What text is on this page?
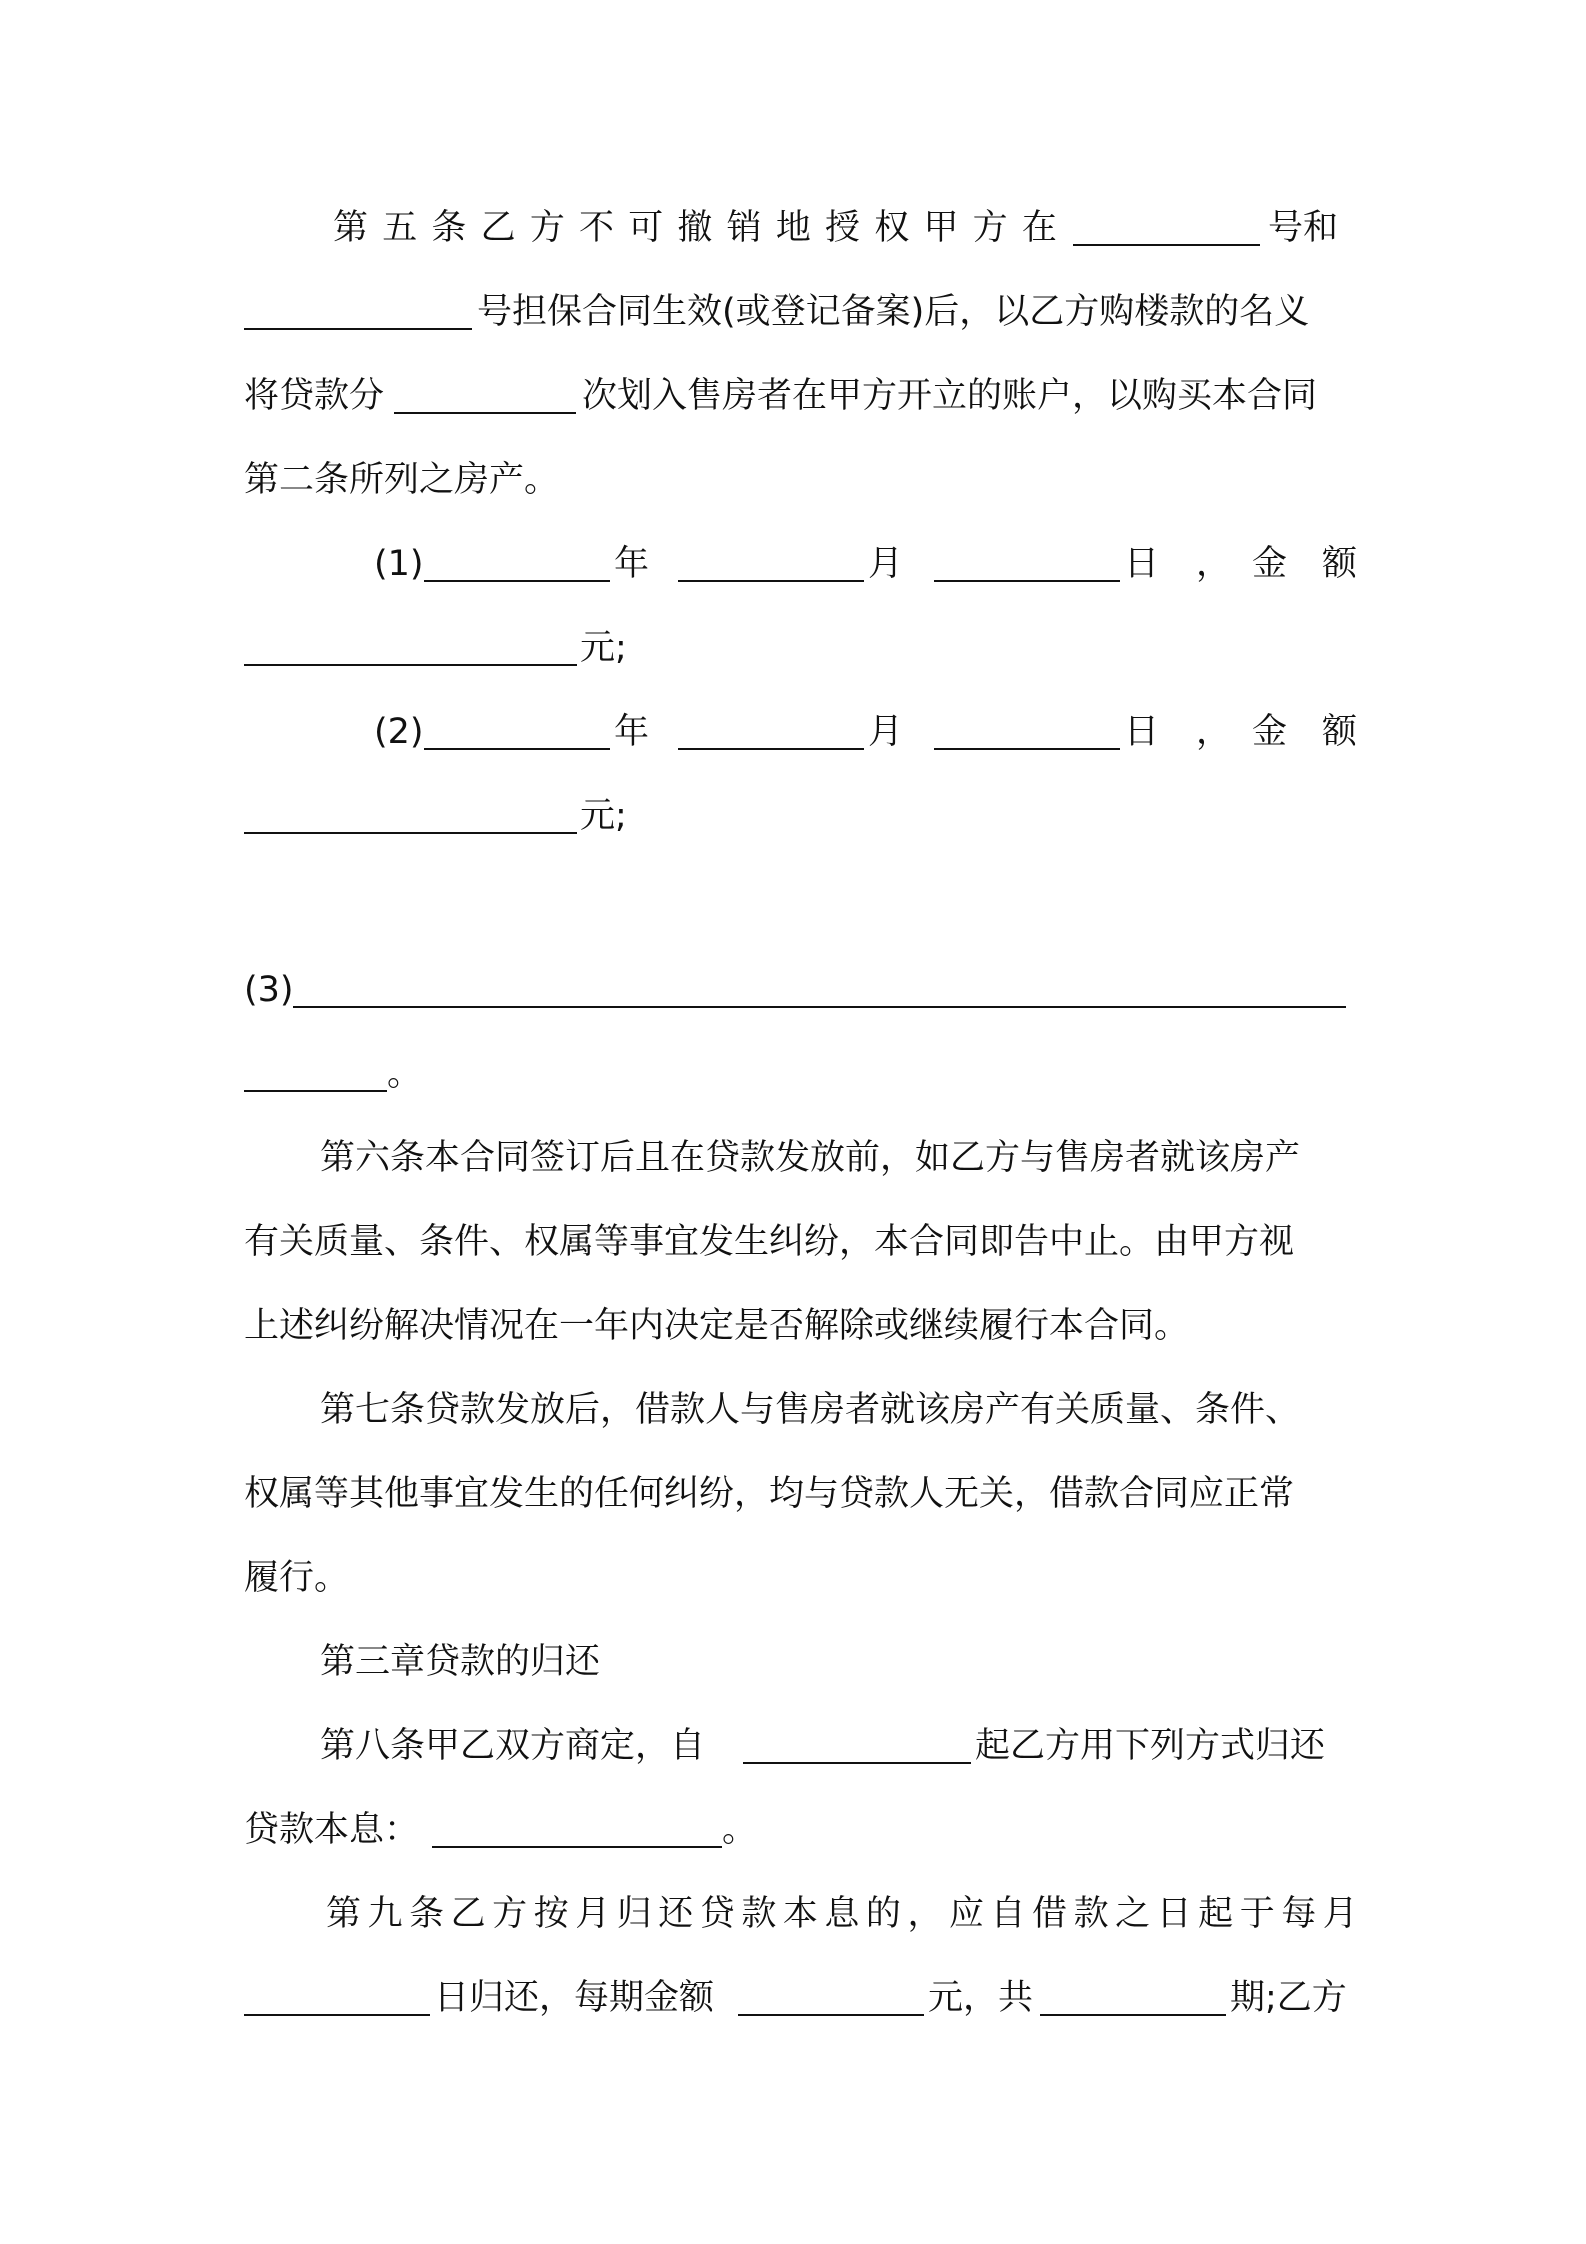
第 五 条 乙 方 不 可 撤 销 地 授 权 甲 方 在	号和
号担保合同生效(或登记备案)后，以乙方购楼款的名义
将贷款分	次划入售房者在甲方开立的账户，以购买本合同
第二条所列之房产。
(1)	年	月	日 ， 金 额
元;
(2)	年	月	日 ， 金 额
元;
(3)
。
第六条本合同签订后且在贷款发放前，如乙方与售房者就该房产
有关质量、条件、权属等事宜发生纠纷，本合同即告中止。由甲方视
上述纠纷解决情况在一年内决定是否解除或继续履行本合同。
第七条贷款发放后，借款人与售房者就该房产有关质量、条件、
权属等其他事宜发生的任何纠纷，均与贷款人无关，借款合同应正常
履行。
第三章贷款的归还
第八条甲乙双方商定，自	起乙方用下列方式归还
贷款本息：	。
第 九 条 乙 方 按 月 归 还 贷 款 本 息 的 ， 应 自 借 款 之 日 起 于 每 月
日归还，每期金额	元，共	期;乙方
